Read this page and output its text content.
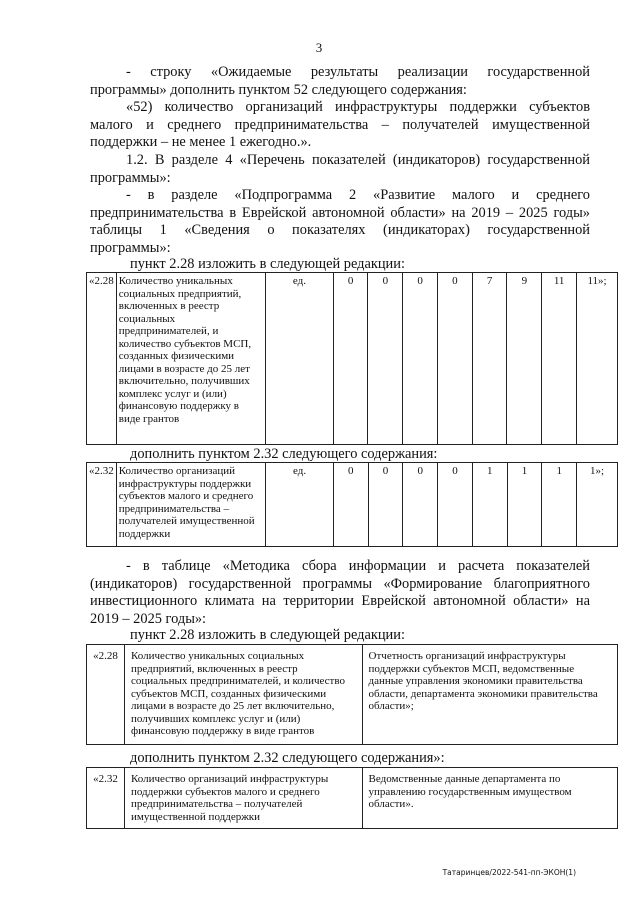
3

- строку «Ожидаемые результаты реализации государственной программы» дополнить пунктом 52 следующего содержания:

«52) количество организаций инфраструктуры поддержки субъектов малого и среднего предпринимательства – получателей имущественной поддержки – не менее 1 ежегодно.».

1.2. В разделе 4 «Перечень показателей (индикаторов) государственной программы»:

- в разделе «Подпрограмма 2 «Развитие малого и среднего предпринимательства в Еврейской автономной области» на 2019 – 2025 годы» таблицы 1 «Сведения о показателях (индикаторах) государственной программы»:

пункт 2.28 изложить в следующей редакции:
«2.28	Количество уникальных социальных предприятий, включенных в реестр социальных предпринимателей, и количество субъектов МСП, созданных физическими лицами в возрасте до 25 лет включительно, получивших комплекс услуг и (или) финансовую поддержку в виде грантов	ед.	0	0	0	0	7	9	11	11»;
дополнить пунктом 2.32 следующего содержания:
«2.32	Количество организаций инфраструктуры поддержки субъектов малого и среднего предпринимательства – получателей имущественной поддержки	ед.	0	0	0	0	1	1	1	1»;

- в таблице «Методика сбора информации и расчета показателей (индикаторов) государственной программы «Формирование благоприятного инвестиционного климата на территории Еврейской автономной области» на 2019 – 2025 годы»:

пункт 2.28 изложить в следующей редакции:
«2.28	Количество уникальных социальных предприятий, включенных в реестр социальных предпринимателей, и количество субъектов МСП, созданных физическими лицами в возрасте до 25 лет включительно, получивших комплекс услуг и (или) финансовую поддержку в виде грантов	Отчетность организаций инфраструктуры поддержки субъектов МСП, ведомственные данные управления экономики правительства области, департамента экономики правительства области»;
дополнить пунктом 2.32 следующего содержания»:
«2.32	Количество организаций инфраструктуры поддержки субъектов малого и среднего предпринимательства – получателей имущественной поддержки	Ведомственные данные департамента по управлению государственным имуществом области».
Татаринцев/2022-541-пп-ЭКОН(1)
